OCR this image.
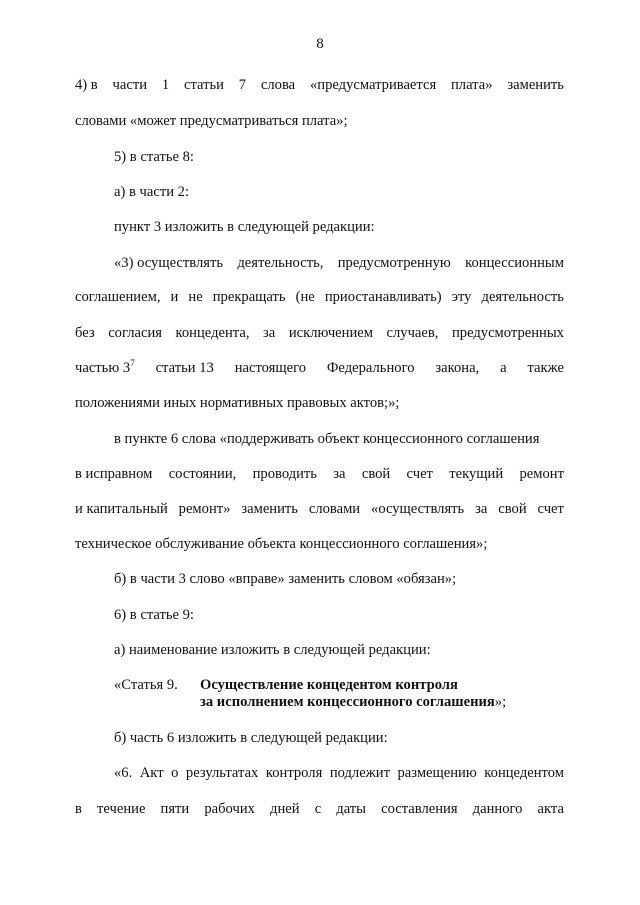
8
4) в части 1 статьи 7 слова «предусматривается плата» заменить
словами «может предусматриваться плата»;
5) в статье 8:
а) в части 2:
пункт 3 изложить в следующей редакции:
«3) осуществлять деятельность, предусмотренную концессионным
соглашением, и не прекращать (не приостанавливать) эту деятельность
без согласия концедента, за исключением случаев, предусмотренных
частью $3^7$ статьи 13 настоящего Федерального закона, а также
положениями иных нормативных правовых актов;»;
в пункте 6 слова «поддерживать объект концессионного соглашения
в исправном состоянии, проводить за свой счет текущий ремонт
и капитальный ремонт» заменить словами «осуществлять за свой счет
техническое обслуживание объекта концессионного соглашения»;
б) в части 3 слово «вправе» заменить словом «обязан»;
6) в статье 9:
а) наименование изложить в следующей редакции:
«Статья 9. Осуществление концедентом контроля
за исполнением концессионного соглашения»;
б) часть 6 изложить в следующей редакции:
«6. Акт о результатах контроля подлежит размещению концедентом
в течение пяти рабочих дней с даты составления данного акта
